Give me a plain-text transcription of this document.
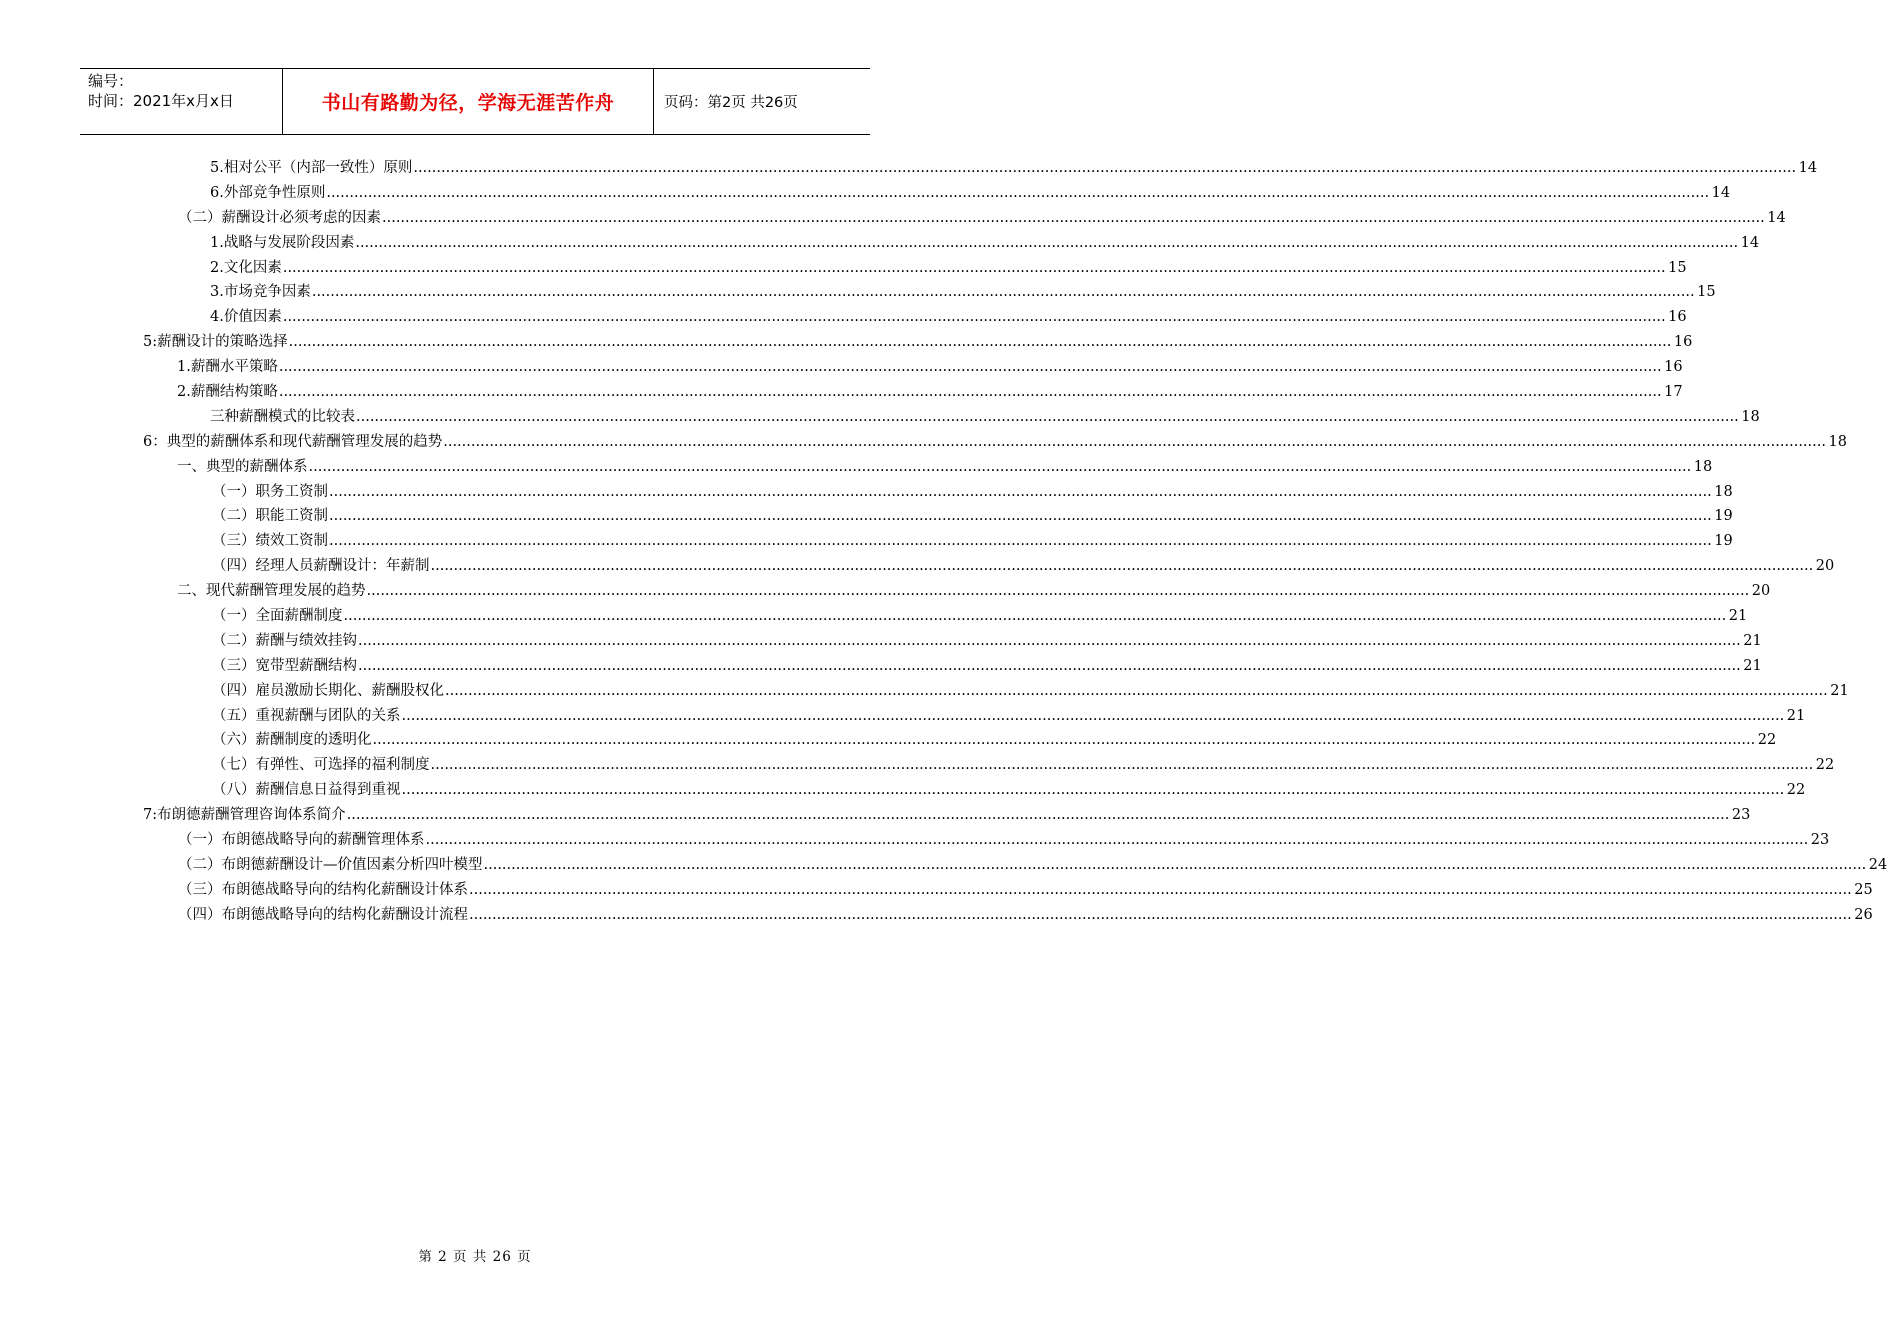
编号：
时间：2021年x月x日	书山有路勤为径，学海无涯苦作舟	页码：第2页 共26页
5.相对公平（内部一致性）原则 ............................................................................................................................................................................................................................................................................................................ 14
6.外部竞争性原则 ............................................................................................................................................................................................................................................................................................................ 14
（二）薪酬设计必须考虑的因素 ............................................................................................................................................................................................................................................................................................................ 14
1.战略与发展阶段因素 ............................................................................................................................................................................................................................................................................................................ 14
2.文化因素 ............................................................................................................................................................................................................................................................................................................ 15
3.市场竞争因素 ............................................................................................................................................................................................................................................................................................................ 15
4.价值因素 ............................................................................................................................................................................................................................................................................................................ 16
5:薪酬设计的策略选择 ............................................................................................................................................................................................................................................................................................................ 16
1.薪酬水平策略 ............................................................................................................................................................................................................................................................................................................ 16
2.薪酬结构策略 ............................................................................................................................................................................................................................................................................................................ 17
三种薪酬模式的比较表 ............................................................................................................................................................................................................................................................................................................ 18
6：典型的薪酬体系和现代薪酬管理发展的趋势 ............................................................................................................................................................................................................................................................................................................ 18
一、典型的薪酬体系 ............................................................................................................................................................................................................................................................................................................ 18
（一）职务工资制 ............................................................................................................................................................................................................................................................................................................ 18
（二）职能工资制 ............................................................................................................................................................................................................................................................................................................ 19
（三）绩效工资制 ............................................................................................................................................................................................................................................................................................................ 19
（四）经理人员薪酬设计：年薪制 ............................................................................................................................................................................................................................................................................................................ 20
二、现代薪酬管理发展的趋势 ............................................................................................................................................................................................................................................................................................................ 20
（一）全面薪酬制度 ............................................................................................................................................................................................................................................................................................................ 21
（二）薪酬与绩效挂钩 ............................................................................................................................................................................................................................................................................................................ 21
（三）宽带型薪酬结构 ............................................................................................................................................................................................................................................................................................................ 21
（四）雇员激励长期化、薪酬股权化 ............................................................................................................................................................................................................................................................................................................ 21
（五）重视薪酬与团队的关系 ............................................................................................................................................................................................................................................................................................................ 21
（六）薪酬制度的透明化 ............................................................................................................................................................................................................................................................................................................ 22
（七）有弹性、可选择的福利制度 ............................................................................................................................................................................................................................................................................................................ 22
（八）薪酬信息日益得到重视 ............................................................................................................................................................................................................................................................................................................ 22
7:布朗德薪酬管理咨询体系简介 ............................................................................................................................................................................................................................................................................................................ 23
（一）布朗德战略导向的薪酬管理体系 ............................................................................................................................................................................................................................................................................................................ 23
（二）布朗德薪酬设计—价值因素分析四叶模型 ............................................................................................................................................................................................................................................................................................................ 24
（三）布朗德战略导向的结构化薪酬设计体系 ............................................................................................................................................................................................................................................................................................................ 25
（四）布朗德战略导向的结构化薪酬设计流程 ............................................................................................................................................................................................................................................................................................................ 26
第 2 页 共 26 页
